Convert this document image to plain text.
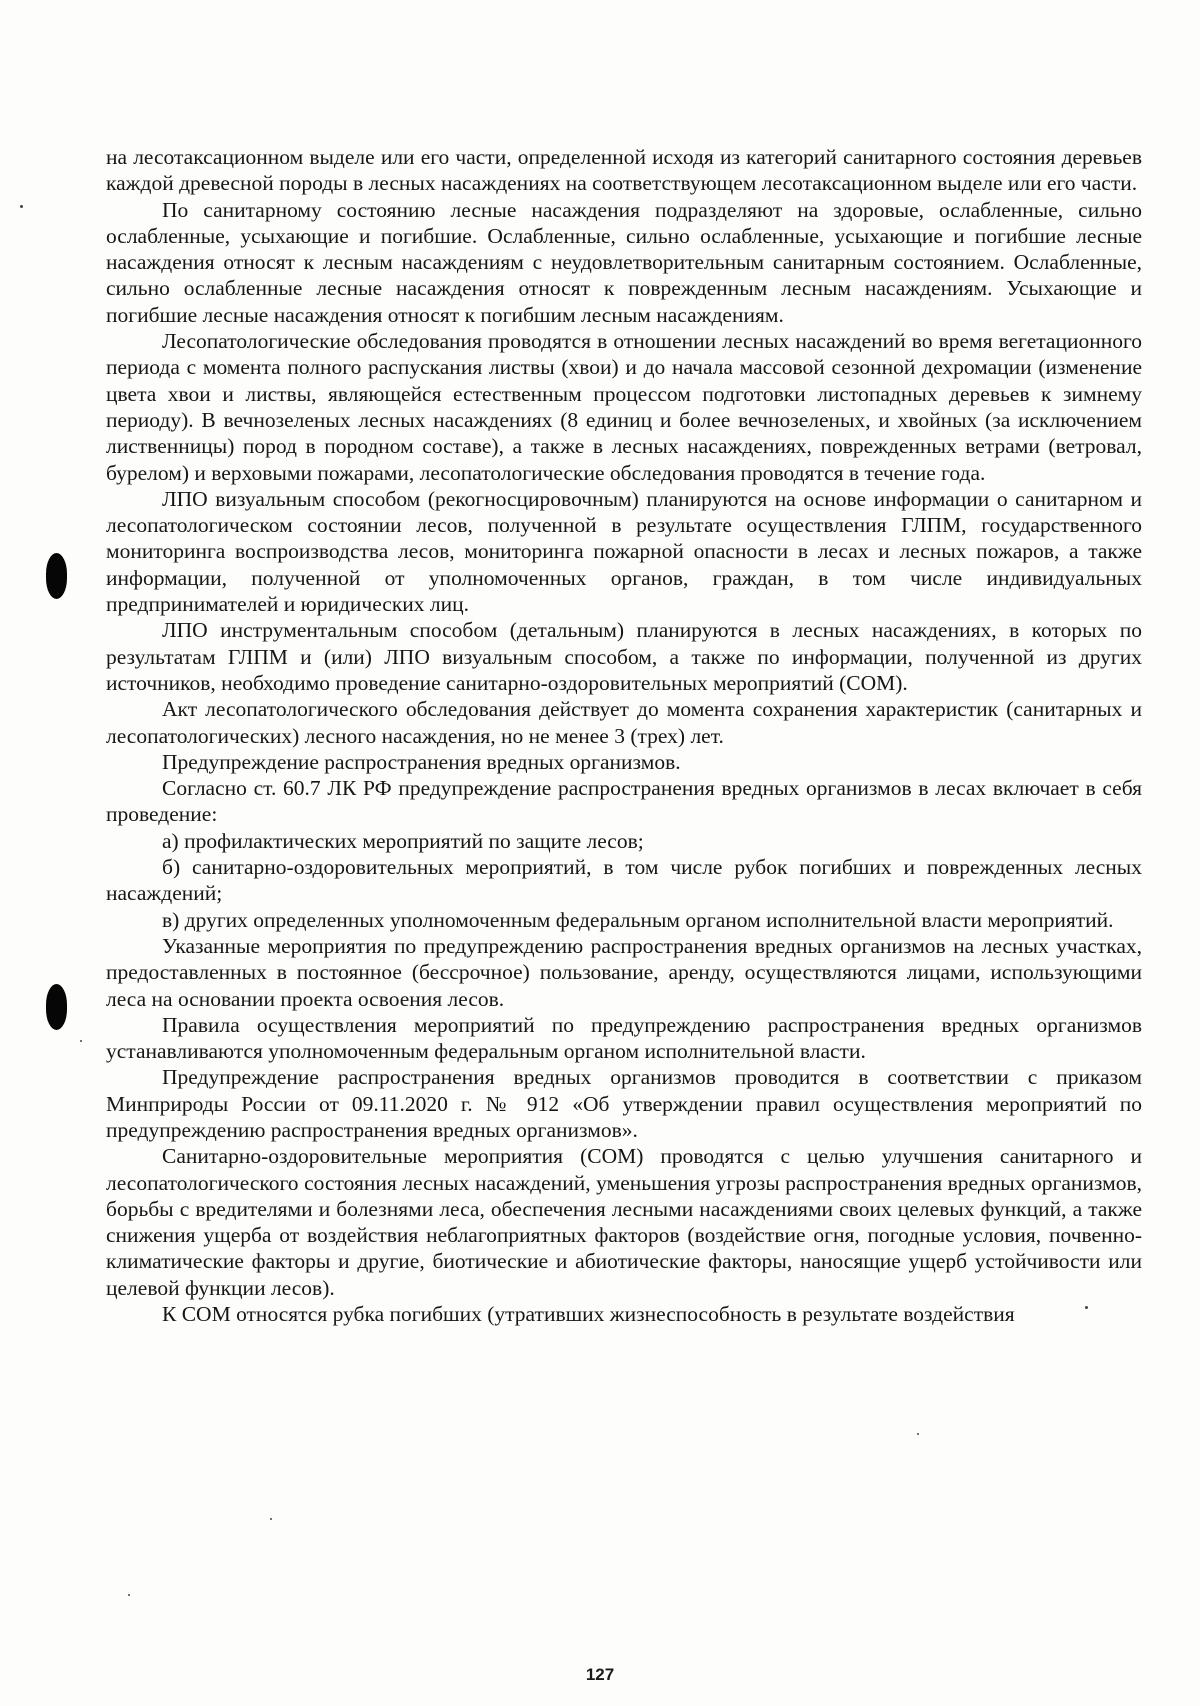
на лесотаксационном выделе или его части, определенной исходя из категорий санитарного состояния деревьев каждой древесной породы в лесных насаждениях на соответствующем лесотаксационном выделе или его части.

По санитарному состоянию лесные насаждения подразделяют на здоровые, ослабленные, сильно ослабленные, усыхающие и погибшие. Ослабленные, сильно ослабленные, усыхающие и погибшие лесные насаждения относят к лесным насаждениям с неудовлетворительным санитарным состоянием. Ослабленные, сильно ослабленные лесные насаждения относят к поврежденным лесным насаждениям. Усыхающие и погибшие лесные насаждения относят к погибшим лесным насаждениям.

Лесопатологические обследования проводятся в отношении лесных насаждений во время вегетационного периода с момента полного распускания листвы (хвои) и до начала массовой сезонной дехромации (изменение цвета хвои и листвы, являющейся естественным процессом подготовки листопадных деревьев к зимнему периоду). В вечнозеленых лесных насаждениях (8 единиц и более вечнозеленых, и хвойных (за исключением лиственницы) пород в породном составе), а также в лесных насаждениях, поврежденных ветрами (ветровал, бурелом) и верховыми пожарами, лесопатологические обследования проводятся в течение года.

ЛПО визуальным способом (рекогносцировочным) планируются на основе информации о санитарном и лесопатологическом состоянии лесов, полученной в результате осуществления ГЛПМ, государственного мониторинга воспроизводства лесов, мониторинга пожарной опасности в лесах и лесных пожаров, а также информации, полученной от уполномоченных органов, граждан, в том числе индивидуальных предпринимателей и юридических лиц.

ЛПО инструментальным способом (детальным) планируются в лесных насаждениях, в которых по результатам ГЛПМ и (или) ЛПО визуальным способом, а также по информации, полученной из других источников, необходимо проведение санитарно-оздоровительных мероприятий (СОМ).

Акт лесопатологического обследования действует до момента сохранения характеристик (санитарных и лесопатологических) лесного насаждения, но не менее 3 (трех) лет.

Предупреждение распространения вредных организмов.

Согласно ст. 60.7 ЛК РФ предупреждение распространения вредных организмов в лесах включает в себя проведение:

а) профилактических мероприятий по защите лесов;

б) санитарно-оздоровительных мероприятий, в том числе рубок погибших и поврежденных лесных насаждений;

в) других определенных уполномоченным федеральным органом исполнительной власти мероприятий.

Указанные мероприятия по предупреждению распространения вредных организмов на лесных участках, предоставленных в постоянное (бессрочное) пользование, аренду, осуществляются лицами, использующими леса на основании проекта освоения лесов.

Правила осуществления мероприятий по предупреждению распространения вредных организмов устанавливаются уполномоченным федеральным органом исполнительной власти.

Предупреждение распространения вредных организмов проводится в соответствии с приказом Минприроды России от 09.11.2020 г. № 912 «Об утверждении правил осуществления мероприятий по предупреждению распространения вредных организмов».

Санитарно-оздоровительные мероприятия (СОМ) проводятся с целью улучшения санитарного и лесопатологического состояния лесных насаждений, уменьшения угрозы распространения вредных организмов, борьбы с вредителями и болезнями леса, обеспечения лесными насаждениями своих целевых функций, а также снижения ущерба от воздействия неблагоприятных факторов (воздействие огня, погодные условия, почвенно-климатические факторы и другие, биотические и абиотические факторы, наносящие ущерб устойчивости или целевой функции лесов).

К СОМ относятся рубка погибших (утративших жизнеспособность в результате воздействия

127
